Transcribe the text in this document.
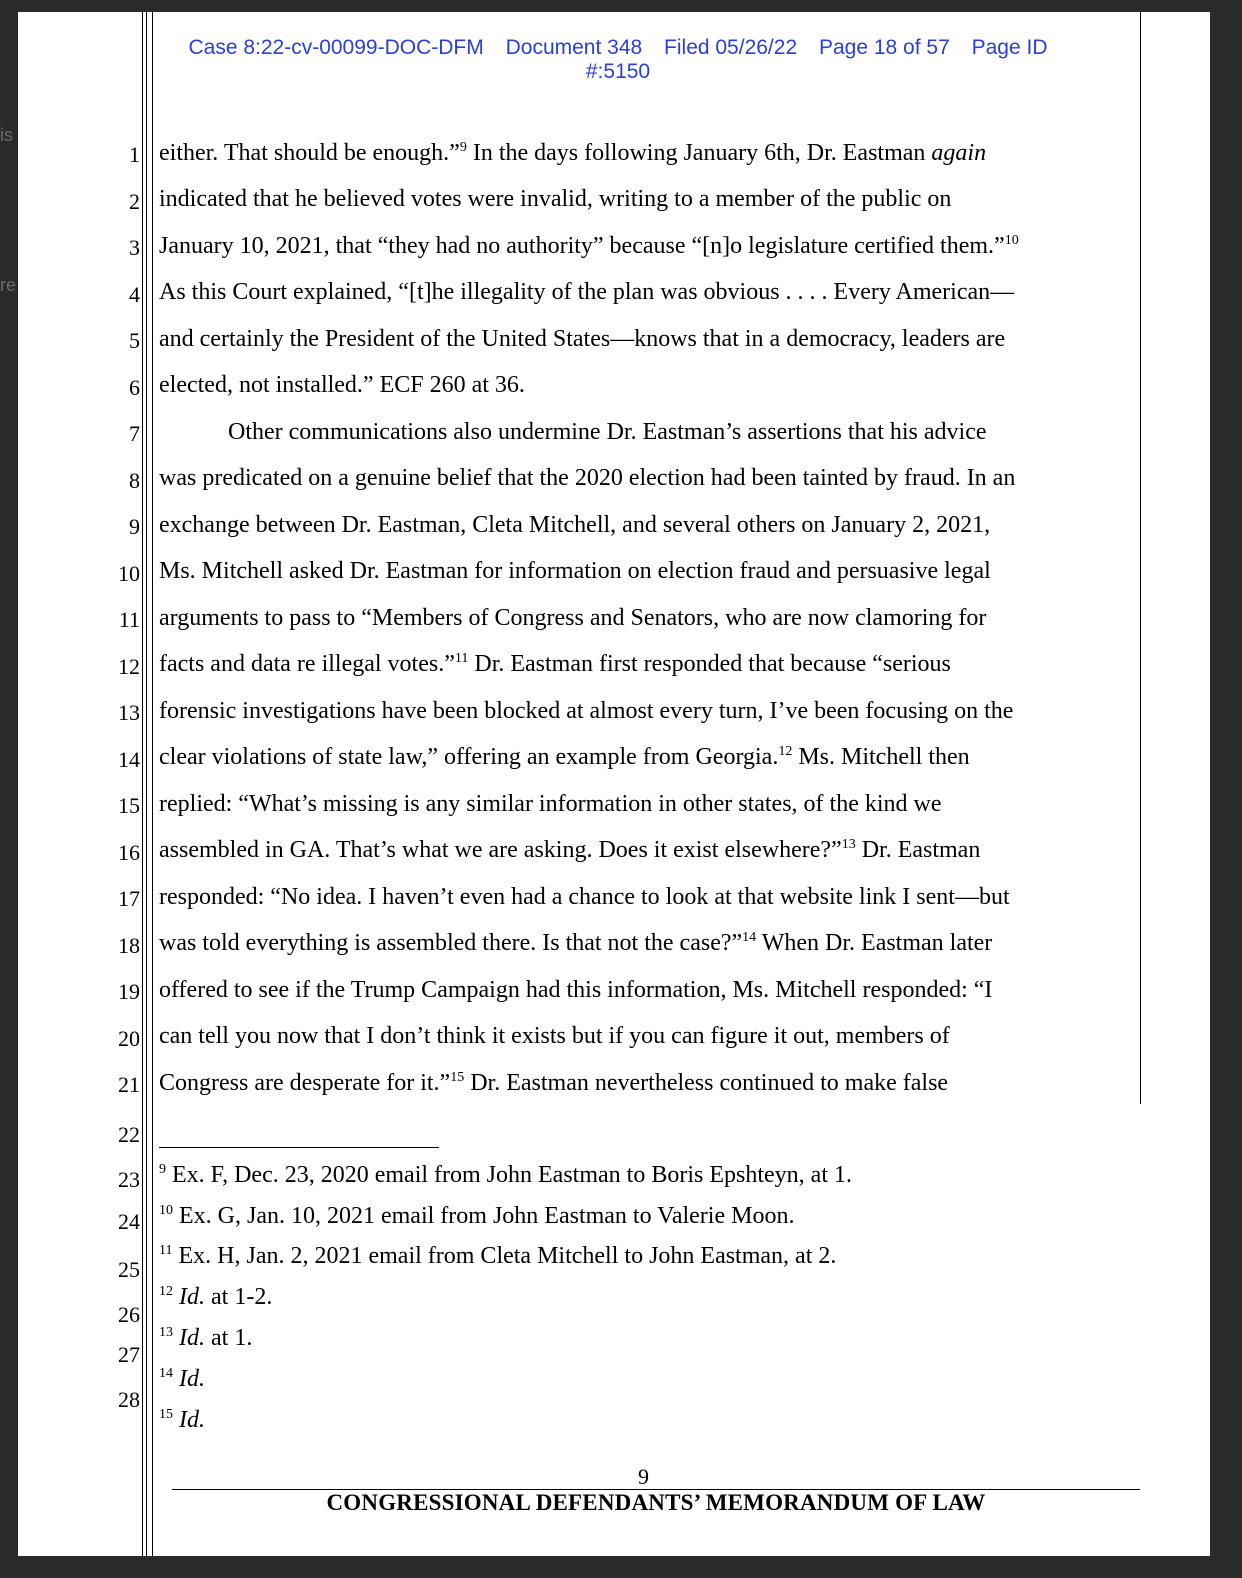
is
re
Case 8:22-cv-00099-DOC-DFM Document 348 Filed 05/26/22 Page 18 of 57 Page ID
#:5150
1
2
3
4
5
6
7
8
9
10
11
12
13
14
15
16
17
18
19
20
21
22
23
24
25
26
27
28
either. That should be enough.”$^9$ In the days following January 6th, Dr. Eastman again
indicated that he believed votes were invalid, writing to a member of the public on
January 10, 2021, that “they had no authority” because “[n]o legislature certified them.”$^{10}$
As this Court explained, “[t]he illegality of the plan was obvious . . . . Every American—
and certainly the President of the United States—knows that in a democracy, leaders are
elected, not installed.” ECF 260 at 36.
Other communications also undermine Dr. Eastman’s assertions that his advice
was predicated on a genuine belief that the 2020 election had been tainted by fraud. In an
exchange between Dr. Eastman, Cleta Mitchell, and several others on January 2, 2021,
Ms. Mitchell asked Dr. Eastman for information on election fraud and persuasive legal
arguments to pass to “Members of Congress and Senators, who are now clamoring for
facts and data re illegal votes.”$^{11}$ Dr. Eastman first responded that because “serious
forensic investigations have been blocked at almost every turn, I’ve been focusing on the
clear violations of state law,” offering an example from Georgia.$^{12}$ Ms. Mitchell then
replied: “What’s missing is any similar information in other states, of the kind we
assembled in GA. That’s what we are asking. Does it exist elsewhere?”$^{13}$ Dr. Eastman
responded: “No idea. I haven’t even had a chance to look at that website link I sent—but
was told everything is assembled there. Is that not the case?”$^{14}$ When Dr. Eastman later
offered to see if the Trump Campaign had this information, Ms. Mitchell responded: “I
can tell you now that I don’t think it exists but if you can figure it out, members of
Congress are desperate for it.”$^{15}$ Dr. Eastman nevertheless continued to make false
$^9$ Ex. F, Dec. 23, 2020 email from John Eastman to Boris Epshteyn, at 1.
$^{10}$ Ex. G, Jan. 10, 2021 email from John Eastman to Valerie Moon.
$^{11}$ Ex. H, Jan. 2, 2021 email from Cleta Mitchell to John Eastman, at 2.
$^{12}$ Id. at 1-2.
$^{13}$ Id. at 1.
$^{14}$ Id.
$^{15}$ Id.
9
CONGRESSIONAL DEFENDANTS’ MEMORANDUM OF LAW
